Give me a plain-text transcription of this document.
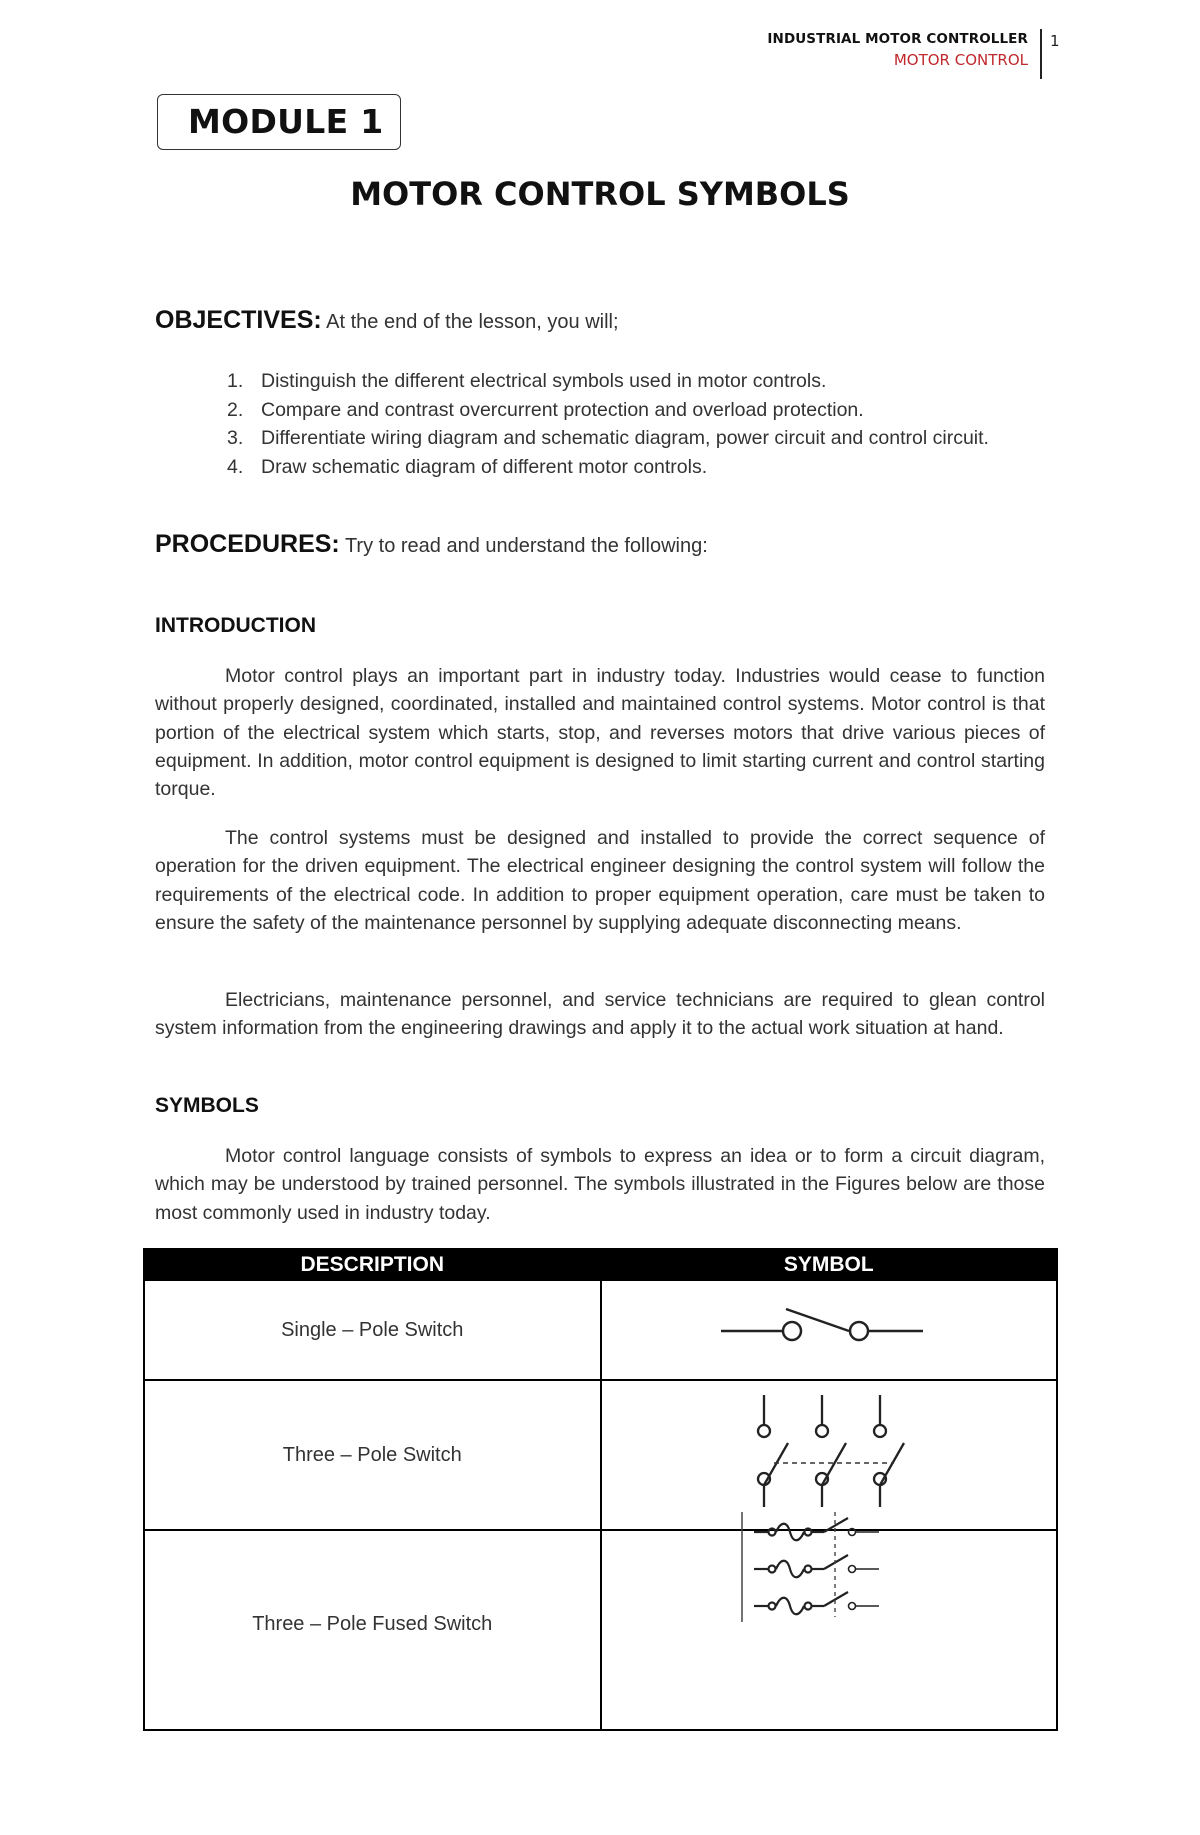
INDUSTRIAL MOTOR CONTROLLER
MOTOR CONTROL
1
MODULE 1
MOTOR CONTROL SYMBOLS
OBJECTIVES: At the end of the lesson, you will;
1. Distinguish the different electrical symbols used in motor controls.
2. Compare and contrast overcurrent protection and overload protection.
3. Differentiate wiring diagram and schematic diagram, power circuit and control circuit.
4. Draw schematic diagram of different motor controls.
PROCEDURES: Try to read and understand the following:
INTRODUCTION

Motor control plays an important part in industry today. Industries would cease to function without properly designed, coordinated, installed and maintained control systems. Motor control is that portion of the electrical system which starts, stop, and reverses motors that drive various pieces of equipment. In addition, motor control equipment is designed to limit starting current and control starting torque.

The control systems must be designed and installed to provide the correct sequence of operation for the driven equipment. The electrical engineer designing the control system will follow the requirements of the electrical code. In addition to proper equipment operation, care must be taken to ensure the safety of the maintenance personnel by supplying adequate disconnecting means.

Electricians, maintenance personnel, and service technicians are required to glean control system information from the engineering drawings and apply it to the actual work situation at hand.

SYMBOLS

Motor control language consists of symbols to express an idea or to form a circuit diagram, which may be understood by trained personnel. The symbols illustrated in the Figures below are those most commonly used in industry today.

DESCRIPTION	SYMBOL
Single – Pole Switch	

Three – Pole Switch	

Three – Pole Fused Switch	
